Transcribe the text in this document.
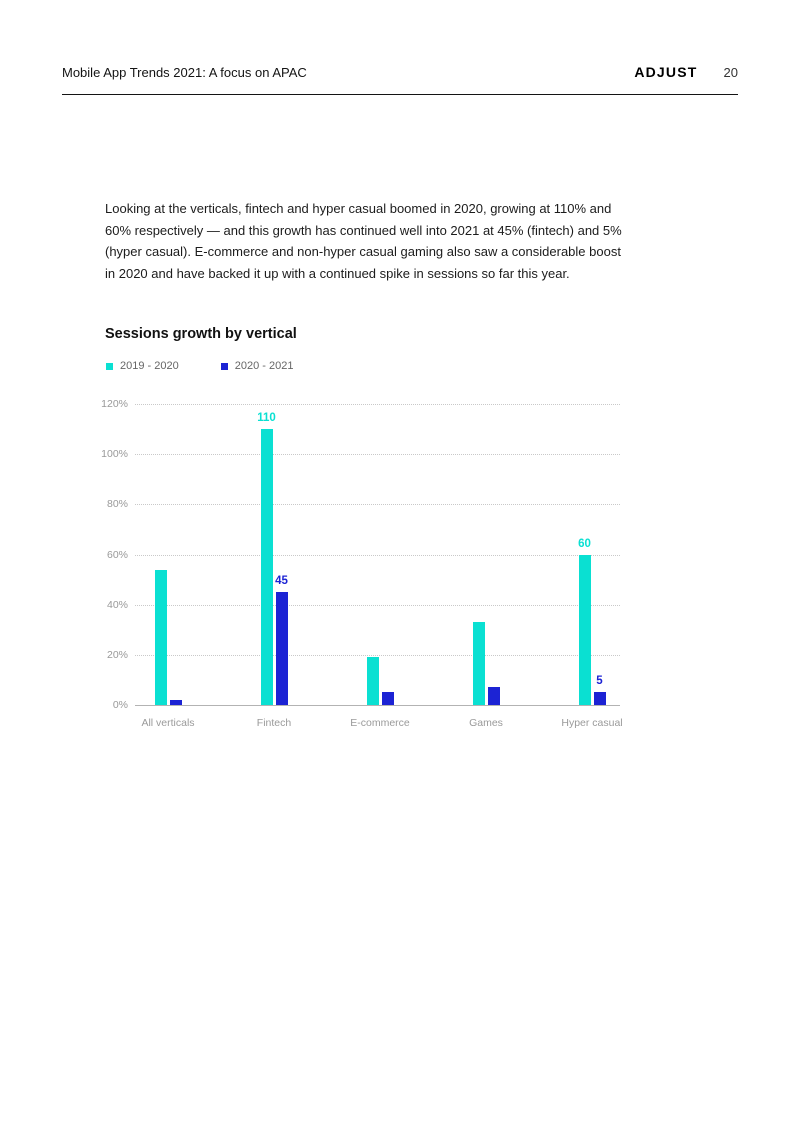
Mobile App Trends 2021: A focus on APAC	ADJUST 20
Looking at the verticals, fintech and hyper casual boomed in 2020, growing at 110% and 60% respectively — and this growth has continued well into 2021 at 45% (fintech) and 5% (hyper casual). E-commerce and non-hyper casual gaming also saw a considerable boost in 2020 and have backed it up with a continued spike in sessions so far this year.
Sessions growth by vertical
2019 - 2020	2020 - 2021
0%
20%
40%
60%
80%
100%
120%
110
60
45
5
All verticals	Fintech	E-commerce	Games	Hyper casual
